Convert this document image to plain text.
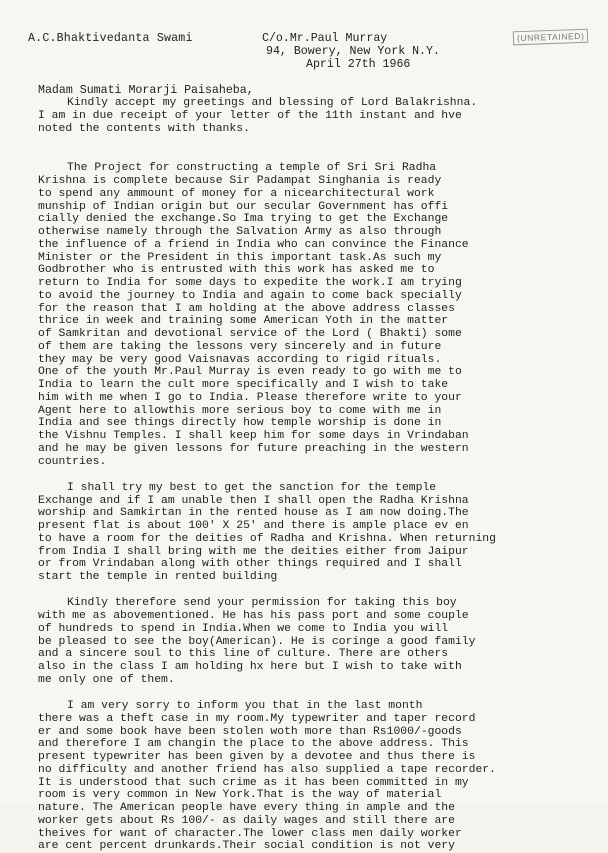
A.C.Bhaktivedanta Swami	C/o.Mr.Paul Murray
94, Bowery, New York N.Y.
April 27th 1966
(UNRETAINED)
Madam Sumati Morarji Paisaheba,
Kindly accept my greetings and blessing of Lord Balakrishna.
I am in due receipt of your letter of the 11th instant and hve
noted the contents with thanks.
The Project for constructing a temple of Sri Sri Radha
Krishna is complete because Sir Padampat Singhania is ready
to spend any ammount of money for a nicearchitectural work
munship of Indian origin but our secular Government has offi
cially denied the exchange.So Ima trying to get the Exchange
otherwise namely through the Salvation Army as also through
the influence of a friend in India who can convince the Finance
Minister or the President in this important task.As such my
Godbrother who is entrusted with this work has asked me to
return to India for some days to expedite the work.I am trying
to avoid the journey to India and again to come back specially
for the reason that I am holding at the above address classes
thrice in week and training some American Yoth in the matter
of Samkritan and devotional service of the Lord ( Bhakti) some
of them are taking the lessons very sincerely and in future
they may be very good Vaisnavas according to rigid rituals.
One of the youth Mr.Paul Murray is even ready to go with me to
India to learn the cult more specifically and I wish to take
him with me when I go to India. Please therefore write to your
Agent here to allowthis more serious boy to come with me in
India and see things directly how temple worship is done in
the Vishnu Temples. I shall keep him for some days in Vrindaban
and he may be given lessons for future preaching in the western
countries.
I shall try my best to get the sanction for the temple
Exchange and if I am unable then I shall open the Radha Krishna
worship and Samkirtan in the rented house as I am now doing.The
present flat is about 100' X 25' and there is ample place ev en
to have a room for the deities of Radha and Krishna. When returning
from India I shall bring with me the deities either from Jaipur
or from Vrindaban along with other things required and I shall
start the temple in rented building
Kindly therefore send your permission for taking this boy
with me as abovementioned. He has his pass port and some couple
of hundreds to spend in India.When we come to India you will
be pleased to see the boy(American). He is coringe a good family
and a sincere soul to this line of culture. There are others
also in the class I am holding hx here but I wish to take with
me only one of them.
I am very sorry to inform you that in the last month
there was a theft case in my room.My typewriter and taper record
er and some book have been stolen woth more than Rs1000/-goods
and therefore I am changin the place to the above address. This
present typewriter has been given by a devotee and thus there is
no difficulty and another friend has also supplied a tape recorder.
It is understood that such crime as it has been committed in my
room is very common in New York.That is the way of material
nature. The American people have every thing in ample and the
worker gets about Rs 100/- as daily wages and still there are
theives for want of character.The lower class men daily worker
are cent percent drunkards.Their social condition is not very
